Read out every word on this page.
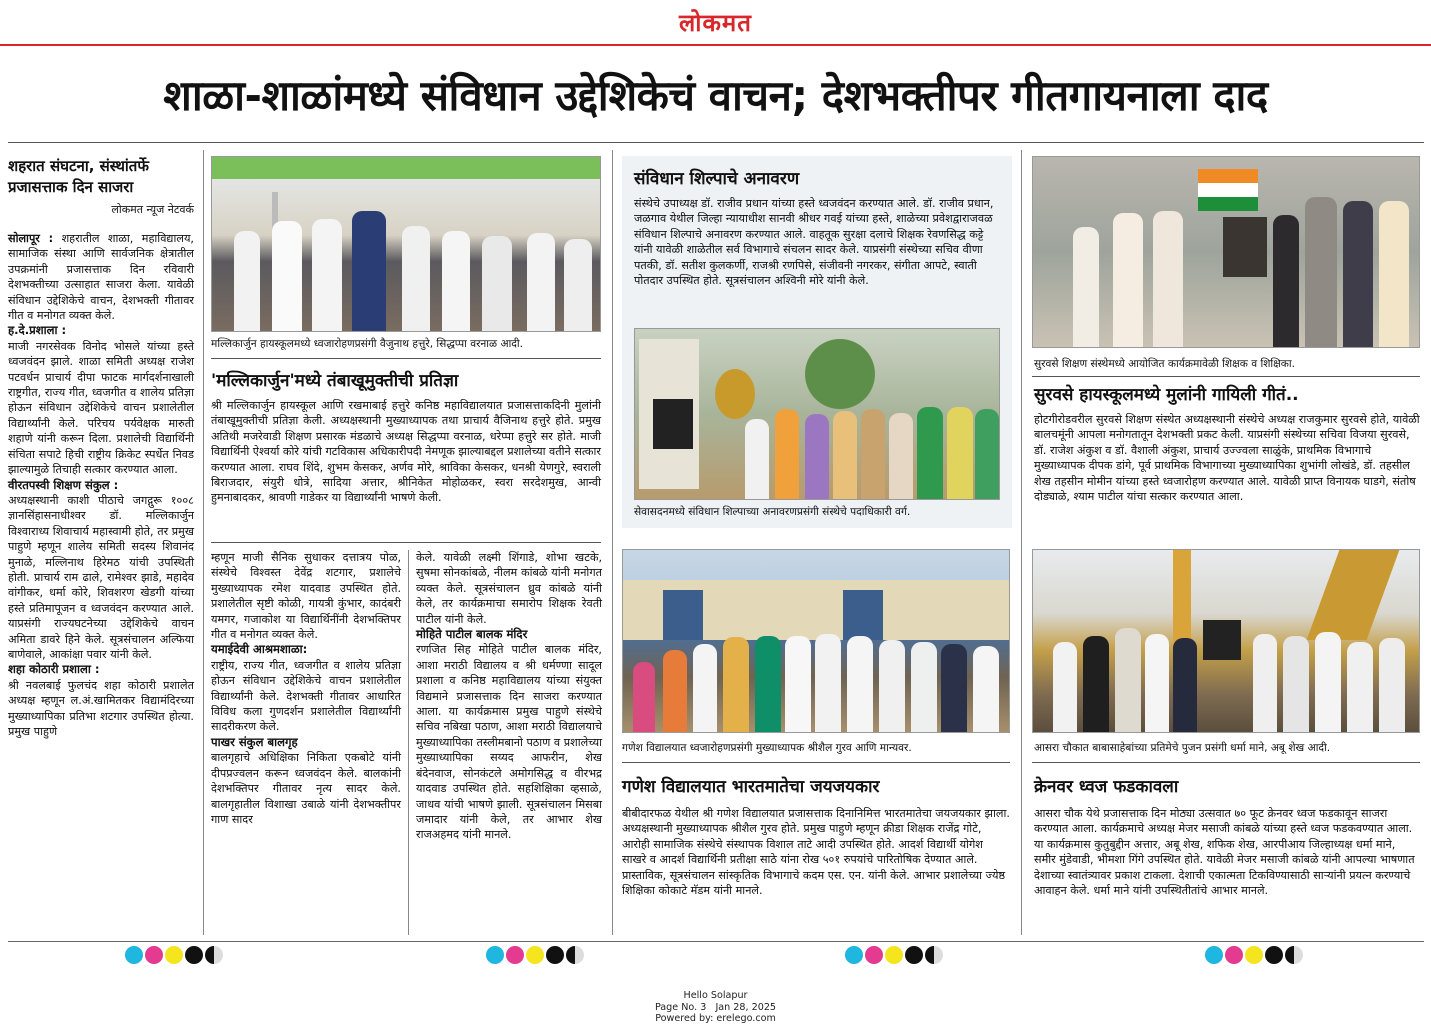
लोकमत
शाळा-शाळांमध्ये संविधान उद्देशिकेचं वाचन; देशभक्तीपर गीतगायनाला दाद
शहरात संघटना, संस्थांतर्फे प्रजासत्ताक दिन साजरा
लोकमत न्यूज नेटवर्क
सोलापूर : शहरातील शाळा, महाविद्यालय, सामाजिक संस्था आणि सार्वजनिक क्षेत्रातील उपक्रमांनी प्रजासत्ताक दिन रविवारी देशभक्तीच्या उत्साहात साजरा केला. यावेळी संविधान उद्देशिकेचे वाचन, देशभक्ती गीतावर गीत व मनोगत व्यक्त केले.
ह.दे.प्रशाला :
माजी नगरसेवक विनोद भोसले यांच्या हस्ते ध्वजवंदन झाले. शाळा समिती अध्यक्ष राजेश पटवर्धन प्राचार्य दीपा फाटक मार्गदर्शनाखाली राष्ट्रगीत, राज्य गीत, ध्वजगीत व शालेय प्रतिज्ञा होऊन संविधान उद्देशिकेचे वाचन प्रशालेतील विद्यार्थ्यांनी केले. परिचय पर्यवेक्षक मारुती शहाणे यांनी करून दिला. प्रशालेची विद्यार्थिनी संचिता सपाटे हिची राष्ट्रीय क्रिकेट स्पर्धेत निवड झाल्यामुळे तिचाही सत्कार करण्यात आला.
वीरतपस्वी शिक्षण संकुल :
अध्यक्षस्थानी काशी पीठाचे जगद्गुरू १००८ ज्ञानसिंहासनाधीश्वर डॉ. मल्लिकार्जुन विश्वाराध्य शिवाचार्य महास्वामी होते, तर प्रमुख पाहुणे म्हणून शालेय समिती सदस्य शिवानंद मुनाळे, मल्लिनाथ हिरेमठ यांची उपस्थिती होती. प्राचार्य राम ढाले, रामेश्वर झाडे, महादेव वांगीकर, धर्मा कोरे, शिवशरण खेडगी यांच्या हस्ते प्रतिमापूजन व ध्वजवंदन करण्यात आले. याप्रसंगी राज्यघटनेच्या उद्देशिकेचे वाचन अमिता डावरे हिने केले. सूत्रसंचालन अल्फिया बाणेवाले, आकांक्षा पवार यांनी केले.
शहा कोठारी प्रशाला :
श्री नवलबाई फुलचंद शहा कोठारी प्रशालेत अध्यक्ष म्हणून ल.अं.खामितकर विद्यामंदिरच्या मुख्याध्यापिका प्रतिभा शटगार उपस्थित होत्या. प्रमुख पाहुणे
मल्लिकार्जुन हायस्कूलमध्ये ध्वजारोहणप्रसंगी वैजुनाथ हत्तुरे, सिद्धप्पा वरनाळ आदी.
'मल्लिकार्जुन'मध्ये तंबाखूमुक्तीची प्रतिज्ञा
श्री मल्लिकार्जुन हायस्कूल आणि रखमाबाई हत्तुरे कनिष्ठ महाविद्यालयात प्रजासत्ताकदिनी मुलांनी तंबाखूमुक्तीची प्रतिज्ञा केली. अध्यक्षस्थानी मुख्याध्यापक तथा प्राचार्य वैजिनाथ हत्तुरे होते. प्रमुख अतिथी मजरेवाडी शिक्षण प्रसारक मंडळाचे अध्यक्ष सिद्धप्पा वरनाळ, धरेप्पा हत्तुरे सर होते. माजी विद्यार्थिनी ऐश्वर्या कोरे यांची गटविकास अधिकारीपदी नेमणूक झाल्याबद्दल प्रशालेच्या वतीने सत्कार करण्यात आला. राघव शिंदे, शुभम केसकर, अर्णव मोरे, श्राविका केसकर, धनश्री येणगुरे, स्वराली बिराजदार, संयुरी धोत्रे, सादिया अत्तार, श्रीनिकेत मोहोळकर, स्वरा सरदेशमुख, आन्वी हुमनाबादकर, श्रावणी गाडेकर या विद्यार्थ्यांनी भाषणे केली.
म्हणून माजी सैनिक सुधाकर दत्तात्रय पोळ, संस्थेचे विश्वस्त देवेंद्र शटगार, प्रशालेचे मुख्याध्यापक रमेश यादवाड उपस्थित होते. प्रशालेतील सृष्टी कोळी, गायत्री कुंभार, कादंबरी यमगर, गजाकोश या विद्यार्थिनींनी देशभक्तिपर गीत व मनोगत व्यक्त केले.
यमाईदेवी आश्रमशाळा:
राष्ट्रीय, राज्य गीत, ध्वजगीत व शालेय प्रतिज्ञा होऊन संविधान उद्देशिकेचे वाचन प्रशालेतील विद्यार्थ्यांनी केले. देशभक्ती गीतावर आधारित विविध कला गुणदर्शन प्रशालेतील विद्यार्थ्यांनी सादरीकरण केले.
पाखर संकुल बालगृह
बालगृहाचे अधिक्षिका निकिता एकबोटे यांनी दीपप्रज्वलन करून ध्वजवंदन केले. बालकांनी देशभक्तिपर गीतावर नृत्य सादर केले. बालगृहातील विशाखा उबाळे यांनी देशभक्तीपर गाण सादर
केले. यावेळी लक्ष्मी शिंगाडे, शोभा खटके, सुषमा सोनकांबळे, नीलम कांबळे यांनी मनोगत व्यक्त केले. सूत्रसंचालन ध्रुव कांबळे यांनी केले, तर कार्यक्रमाचा समारोप शिक्षक रेवती पाटील यांनी केले.
मोहिते पाटील बालक मंदिर
रणजित सिह मोहिते पाटील बालक मंदिर, आशा मराठी विद्यालय व श्री धर्मण्णा सादूल प्रशाला व कनिष्ठ महाविद्यालय यांच्या संयुक्त विद्यमाने प्रजासत्ताक दिन साजरा करण्यात आला. या कार्यक्रमास प्रमुख पाहुणे संस्थेचे सचिव नबिखा पठाण, आशा मराठी विद्यालयाचे मुख्याध्यापिका तस्लीमबानो पठाण व प्रशालेच्या मुख्याध्यापिका सय्यद आफरीन, शेख बंदेनवाज, सोनकंटले अमोगसिद्ध व वीरभद्र यादवाड उपस्थित होते. सहशिक्षिका व्हसाळे, जाधव यांची भाषणे झाली. सूत्रसंचालन मिसबा जमादार यांनी केले, तर आभार शेख राजअहमद यांनी मानले.
संविधान शिल्पाचे अनावरण
संस्थेचे उपाध्यक्ष डॉ. राजीव प्रधान यांच्या हस्ते ध्वजवंदन करण्यात आले. डॉ. राजीव प्रधान, जळगाव येथील जिल्हा न्यायाधीश सानवी श्रीधर गवई यांच्या हस्ते, शाळेच्या प्रवेशद्वाराजवळ संविधान शिल्पाचे अनावरण करण्यात आले. वाहतूक सुरक्षा दलाचे शिक्षक रेवणसिद्ध कट्टे यांनी यावेळी शाळेतील सर्व विभागाचे संचलन सादर केले. याप्रसंगी संस्थेच्या सचिव वीणा पतकी, डॉ. सतीश कुलकर्णी, राजश्री रणपिसे, संजीवनी नगरकर, संगीता आपटे, स्वाती पोतदार उपस्थित होते. सूत्रसंचालन अश्विनी मोरे यांनी केले.
सेवासदनमध्ये संविधान शिल्पाच्या अनावरणप्रसंगी संस्थेचे पदाधिकारी वर्ग.
गणेश विद्यालयात ध्वजारोहणप्रसंगी मुख्याध्यापक श्रीशैल गुरव आणि मान्यवर.
गणेश विद्यालयात भारतमातेचा जयजयकार
बीबीदारफळ येथील श्री गणेश विद्यालयात प्रजासत्ताक दिनानिमित्त भारतमातेचा जयजयकार झाला. अध्यक्षस्थानी मुख्याध्यापक श्रीशैल गुरव होते. प्रमुख पाहुणे म्हणून क्रीडा शिक्षक राजेंद्र गोटे, आरोही सामाजिक संस्थेचे संस्थापक विशाल ताटे आदी उपस्थित होते. आदर्श विद्यार्थी योगेश साखरे व आदर्श विद्यार्थिनी प्रतीक्षा साठे यांना रोख ५०१ रुपयांचे पारितोषिक देण्यात आले. प्रास्ताविक, सूत्रसंचालन सांस्कृतिक विभागाचे कदम एस. एन. यांनी केले. आभार प्रशालेच्या ज्येष्ठ शिक्षिका कोकाटे मॅडम यांनी मानले.
सुरवसे शिक्षण संस्थेमध्ये आयोजित कार्यक्रमावेळी शिक्षक व शिक्षिका.
सुरवसे हायस्कूलमध्ये मुलांनी गायिली गीतं..
होटगीरोडवरील सुरवसे शिक्षण संस्थेत अध्यक्षस्थानी संस्थेचे अध्यक्ष राजकुमार सुरवसे होते, यावेळी बालचमूंनी आपला मनोगतातून देशभक्ती प्रकट केली. याप्रसंगी संस्थेच्या सचिवा विजया सुरवसे, डॉ. राजेश अंकुश व डॉ. वैशाली अंकुश, प्राचार्य उज्ज्वला साळुंके, प्राथमिक विभागाचे मुख्याध्यापक दीपक डांगे, पूर्व प्राथमिक विभागाच्या मुख्याध्यापिका शुभांगी लोखंडे, डॉ. तहसील शेख तहसीन मोमीन यांच्या हस्ते ध्वजारोहण करण्यात आले. यावेळी प्राप्त विनायक घाडगे, संतोष दोड्याळे, श्याम पाटील यांचा सत्कार करण्यात आला.
आसरा चौकात बाबासाहेबांच्या प्रतिमेचे पुजन प्रसंगी धर्मा माने, अबू शेख आदी.
क्रेनवर ध्वज फडकावला
आसरा चौक येथे प्रजासत्ताक दिन मोठ्या उत्सवात ७० फूट क्रेनवर ध्वज फडकावून साजरा करण्यात आला. कार्यक्रमाचे अध्यक्ष मेजर मसाजी कांबळे यांच्या हस्ते ध्वज फडकवण्यात आला. या कार्यक्रमास कुतुबुद्दीन अत्तार, अबू शेख, शफिक शेख, आरपीआय जिल्हाध्यक्ष धर्मा माने, समीर मुंडेवाडी, भीमशा गिंगे उपस्थित होते. यावेळी मेजर मसाजी कांबळे यांनी आपल्या भाषणात देशाच्या स्वातंत्र्यावर प्रकाश टाकला. देशाची एकात्मता टिकविण्यासाठी सार्‍यांनी प्रयत्न करण्याचे आवाहन केले. धर्मा माने यांनी उपस्थितीतांचे आभार मानले.
Hello Solapur
Page No. 3 Jan 28, 2025
Powered by: erelego.com
